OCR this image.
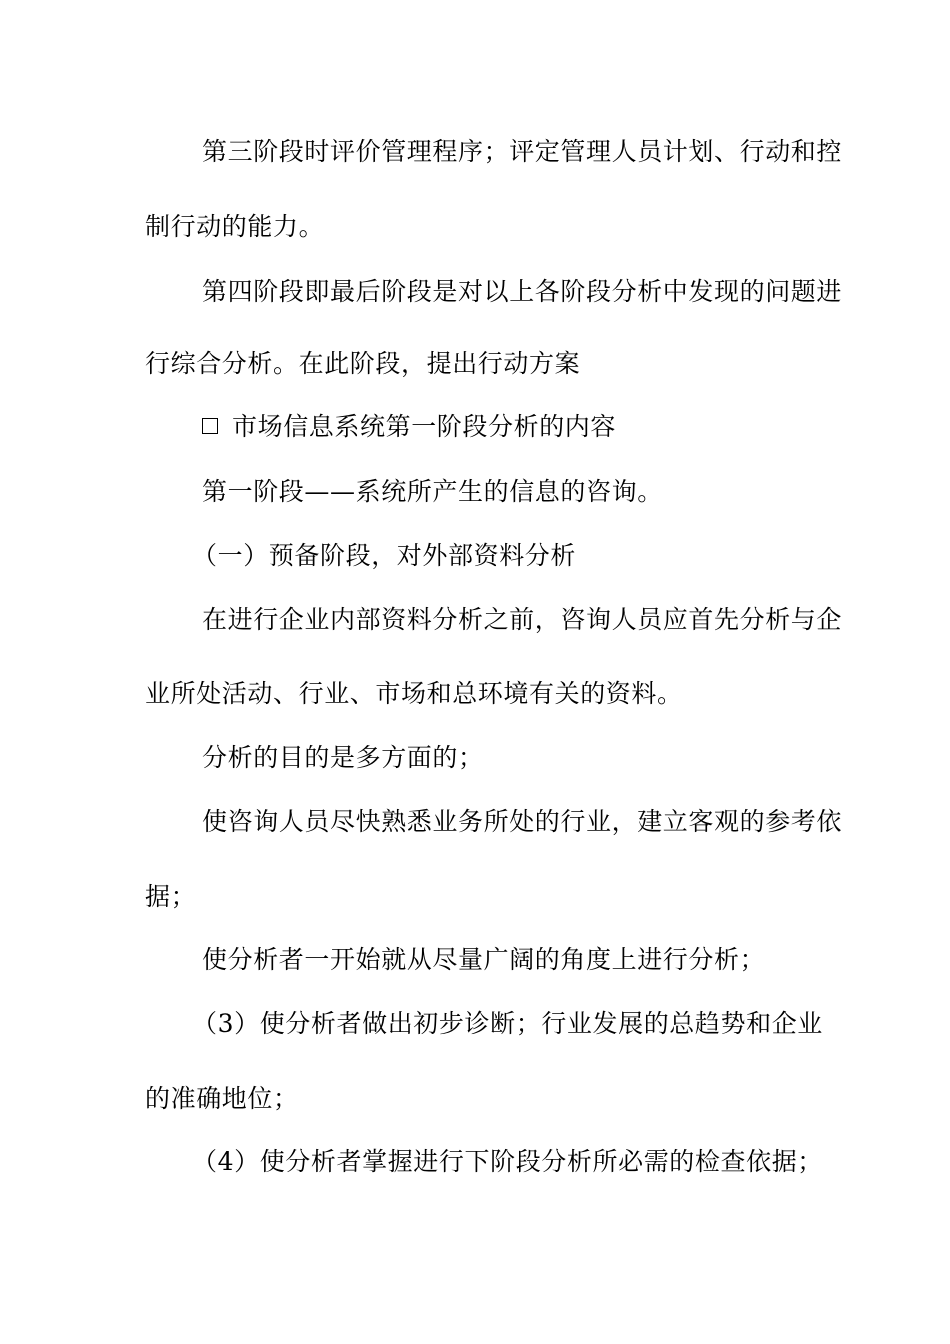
第三阶段时评价管理程序；评定管理人员计划、行动和控
制行动的能力。
第四阶段即最后阶段是对以上各阶段分析中发现的问题进
行综合分析。在此阶段，提出行动方案
市场信息系统第一阶段分析的内容
第一阶段——系统所产生的信息的咨询。
（一）预备阶段，对外部资料分析
在进行企业内部资料分析之前，咨询人员应首先分析与企
业所处活动、行业、市场和总环境有关的资料。
分析的目的是多方面的；
使咨询人员尽快熟悉业务所处的行业，建立客观的参考依
据；
使分析者一开始就从尽量广阔的角度上进行分析；
（3）使分析者做出初步诊断；行业发展的总趋势和企业
的准确地位；
（4）使分析者掌握进行下阶段分析所必需的检查依据；
